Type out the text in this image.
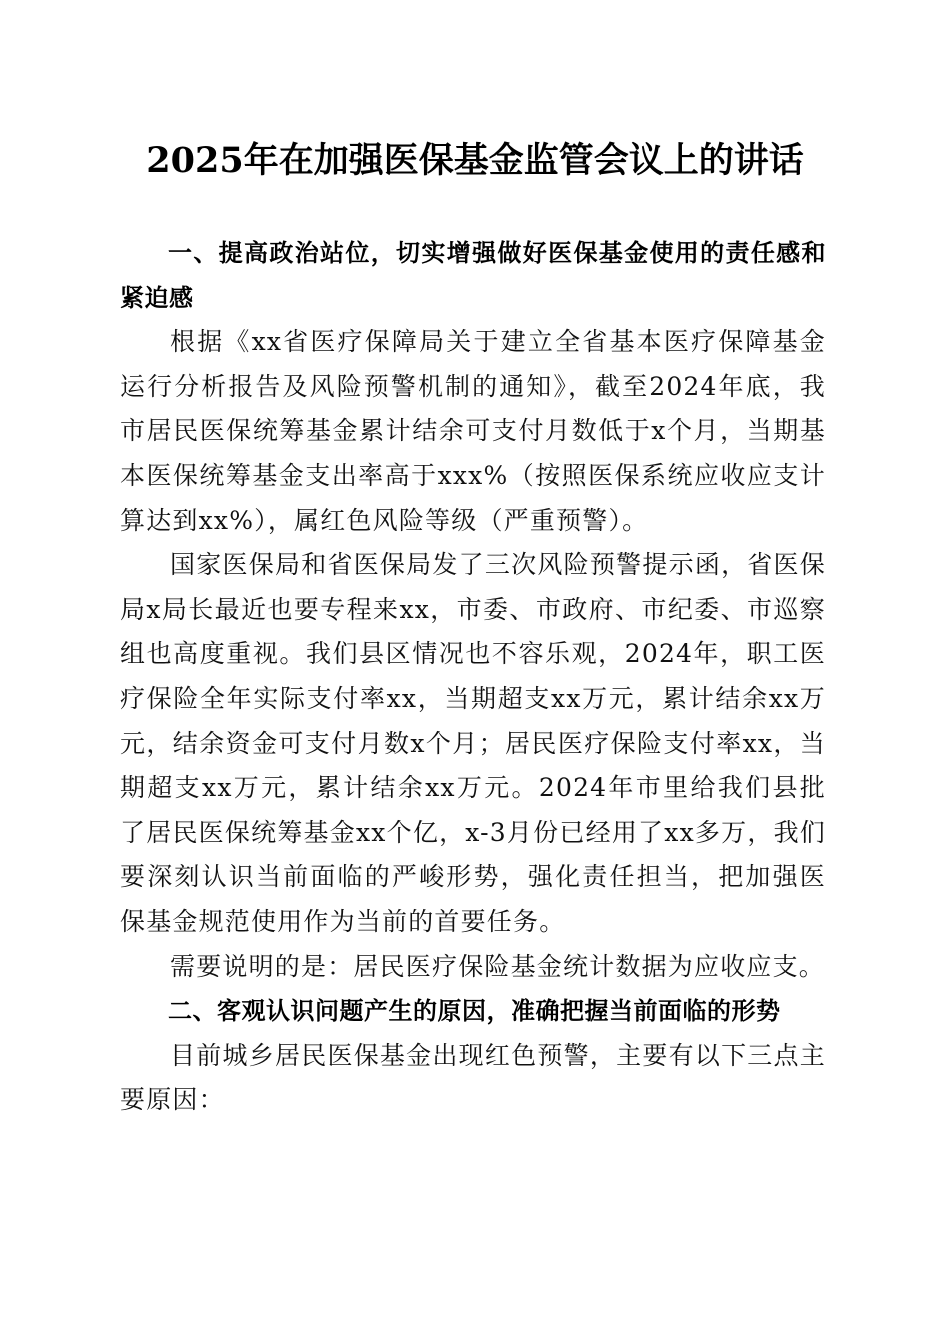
2025年在加强医保基金监管会议上的讲话
一、提高政治站位，切实增强做好医保基金使用的责任感和紧迫感

根据《xx省医疗保障局关于建立全省基本医疗保障基金运行分析报告及风险预警机制的通知》，截至2024年底，我市居民医保统筹基金累计结余可支付月数低于x个月，当期基本医保统筹基金支出率高于xxx%（按照医保系统应收应支计算达到xx%），属红色风险等级（严重预警）。

国家医保局和省医保局发了三次风险预警提示函，省医保局x局长最近也要专程来xx，市委、市政府、市纪委、市巡察组也高度重视。我们县区情况也不容乐观，2024年，职工医疗保险全年实际支付率xx，当期超支xx万元，累计结余xx万元，结余资金可支付月数x个月；居民医疗保险支付率xx，当期超支xx万元，累计结余xx万元。2024年市里给我们县批了居民医保统筹基金xx个亿，x-3月份已经用了xx多万，我们要深刻认识当前面临的严峻形势，强化责任担当，把加强医保基金规范使用作为当前的首要任务。

需要说明的是：居民医疗保险基金统计数据为应收应支。

二、客观认识问题产生的原因，准确把握当前面临的形势

目前城乡居民医保基金出现红色预警，主要有以下三点主要原因：
